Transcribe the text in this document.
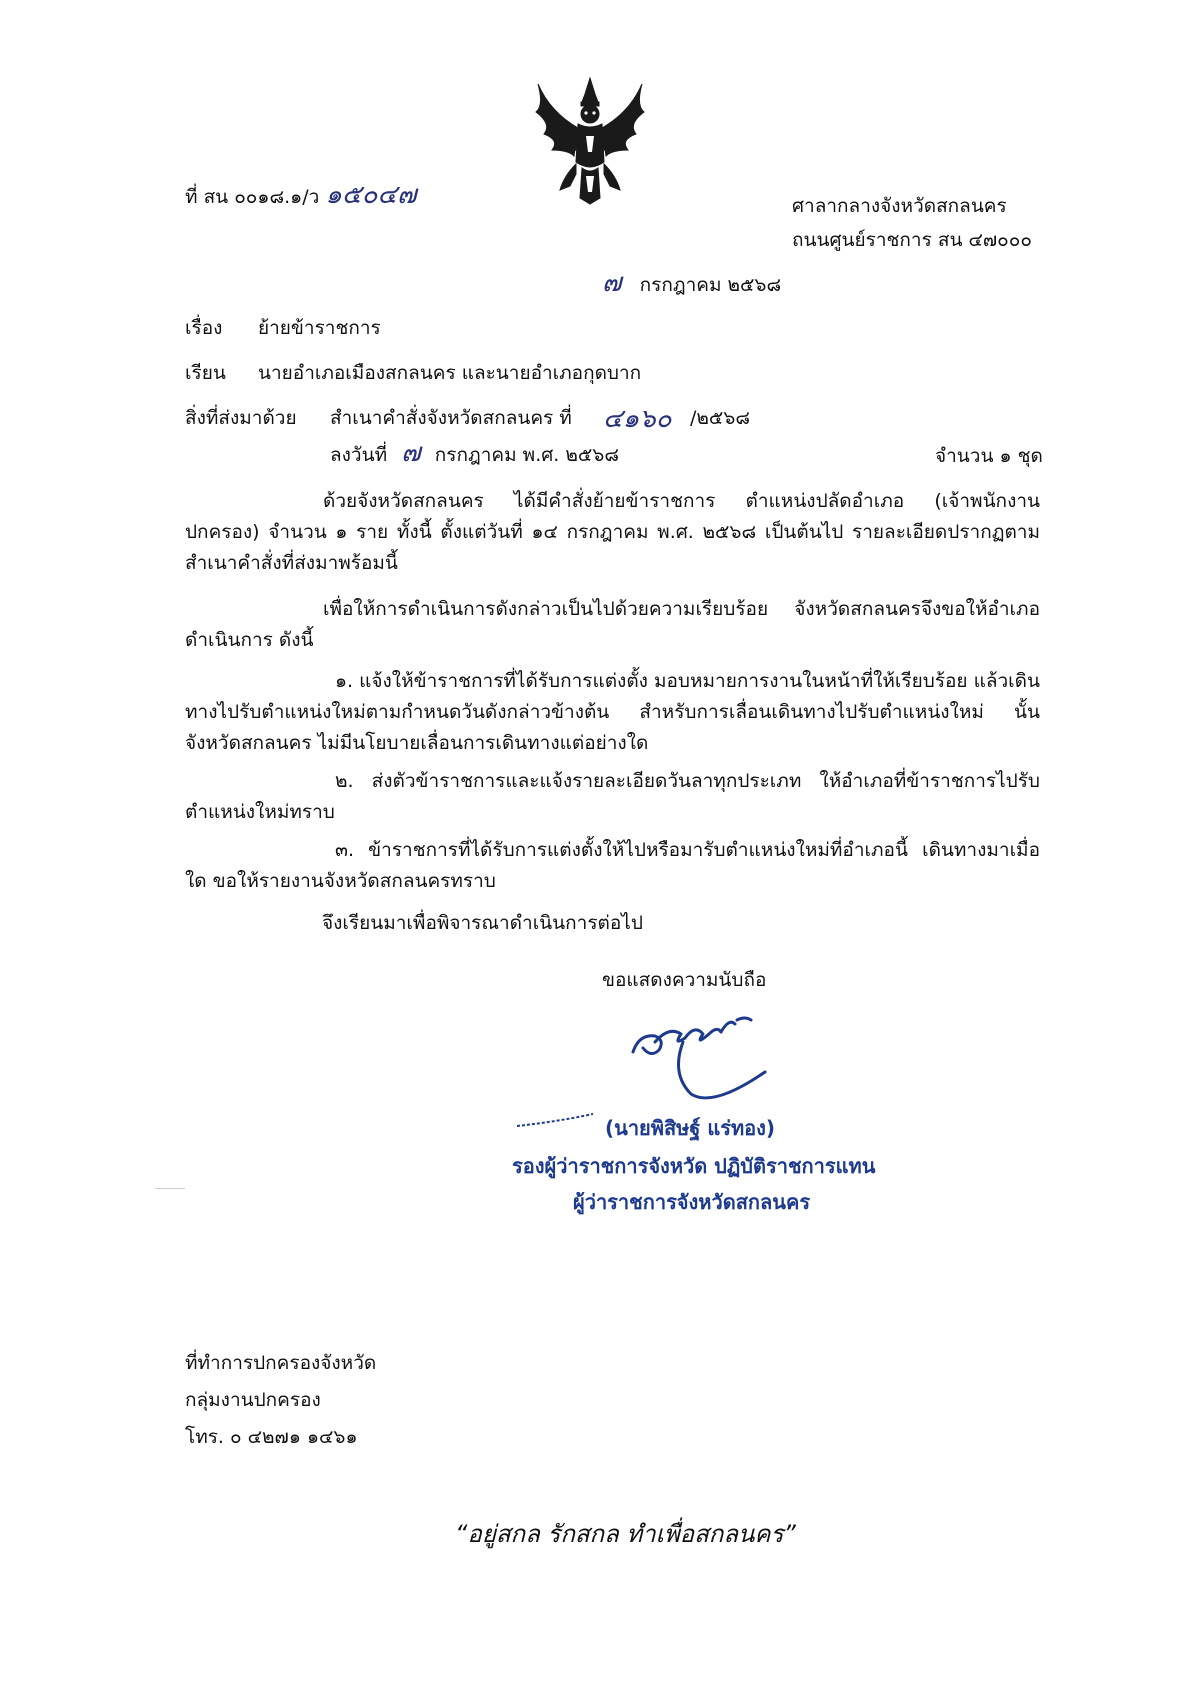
ที่ สน ๐๐๑๘.๑/ว ๑๕๐๔๗	ศาลากลางจังหวัดสกลนคร
ถนนศูนย์ราชการ สน ๔๗๐๐๐
๗ กรกฎาคม ๒๕๖๘
เรื่อง ย้ายข้าราชการ
เรียน นายอำเภอเมืองสกลนคร และนายอำเภอกุดบาก
สิ่งที่ส่งมาด้วย สำเนาคำสั่งจังหวัดสกลนคร ที่ ๔๑๖๐ /๒๕๖๘
ลงวันที่ ๗ กรกฎาคม พ.ศ. ๒๕๖๘	จำนวน ๑ ชุด
ด้วยจังหวัดสกลนคร ได้มีคำสั่งย้ายข้าราชการ ตำแหน่งปลัดอำเภอ (เจ้าพนักงานปกครอง) จำนวน ๑ ราย ทั้งนี้ ตั้งแต่วันที่ ๑๔ กรกฎาคม พ.ศ. ๒๕๖๘ เป็นต้นไป รายละเอียดปรากฏตามสำเนาคำสั่งที่ส่งมาพร้อมนี้
เพื่อให้การดำเนินการดังกล่าวเป็นไปด้วยความเรียบร้อย จังหวัดสกลนครจึงขอให้อำเภอดำเนินการ ดังนี้
๑. แจ้งให้ข้าราชการที่ได้รับการแต่งตั้ง มอบหมายการงานในหน้าที่ให้เรียบร้อย แล้วเดินทางไปรับตำแหน่งใหม่ตามกำหนดวันดังกล่าวข้างต้น สำหรับการเลื่อนเดินทางไปรับตำแหน่งใหม่ นั้น จังหวัดสกลนคร ไม่มีนโยบายเลื่อนการเดินทางแต่อย่างใด
๒. ส่งตัวข้าราชการและแจ้งรายละเอียดวันลาทุกประเภท ให้อำเภอที่ข้าราชการไปรับตำแหน่งใหม่ทราบ
๓. ข้าราชการที่ได้รับการแต่งตั้งให้ไปหรือมารับตำแหน่งใหม่ที่อำเภอนี้ เดินทางมาเมื่อใด ขอให้รายงานจังหวัดสกลนครทราบ
จึงเรียนมาเพื่อพิจารณาดำเนินการต่อไป
ขอแสดงความนับถือ
(นายพิสิษฐ์ แร่ทอง)
รองผู้ว่าราชการจังหวัด ปฏิบัติราชการแทน
ผู้ว่าราชการจังหวัดสกลนคร
ที่ทำการปกครองจังหวัด
กลุ่มงานปกครอง
โทร. ๐ ๔๒๗๑ ๑๔๖๑
“อยู่สกล รักสกล ทำเพื่อสกลนคร”
